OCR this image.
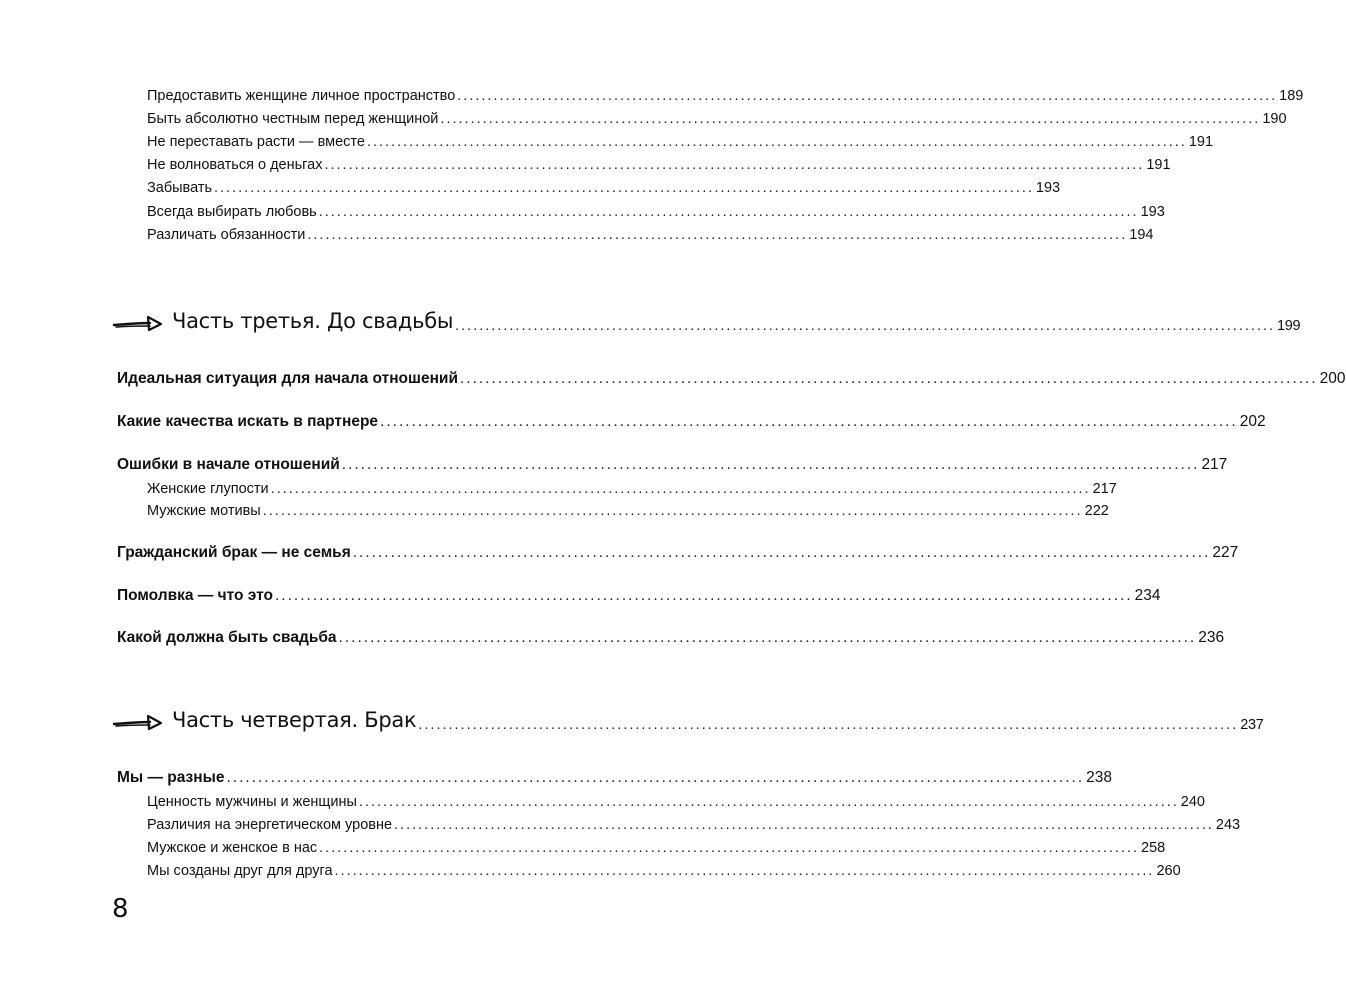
Предоставить женщине личное пространство ........................................................................................................................................ 189
Быть абсолютно честным перед женщиной ........................................................................................................................................ 190
Не переставать расти — вместе ........................................................................................................................................ 191
Не волноваться о деньгах ........................................................................................................................................ 191
Забывать ........................................................................................................................................ 193
Всегда выбирать любовь ........................................................................................................................................ 193
Различать обязанности ........................................................................................................................................ 194
Часть третья. До свадьбы ........................................................................................................................................ 199
Идеальная ситуация для начала отношений ........................................................................................................................................ 200
Какие качества искать в партнере ........................................................................................................................................ 202
Ошибки в начале отношений ........................................................................................................................................ 217
Женские глупости ........................................................................................................................................ 217
Мужские мотивы ........................................................................................................................................ 222
Гражданский брак — не семья ........................................................................................................................................ 227
Помолвка — что это ........................................................................................................................................ 234
Какой должна быть свадьба ........................................................................................................................................ 236
Часть четвертая. Брак ........................................................................................................................................ 237
Мы — разные ........................................................................................................................................ 238
Ценность мужчины и женщины ........................................................................................................................................ 240
Различия на энергетическом уровне ........................................................................................................................................ 243
Мужское и женское в нас ........................................................................................................................................ 258
Мы созданы друг для друга ........................................................................................................................................ 260
8
